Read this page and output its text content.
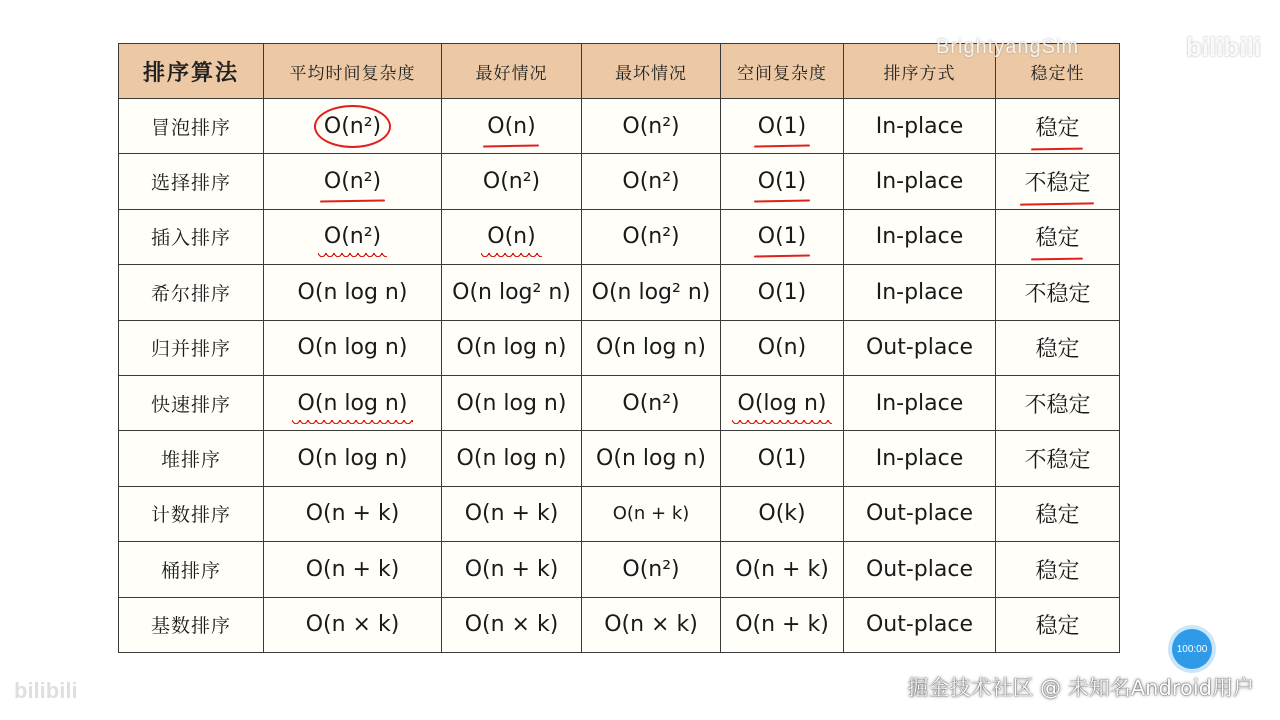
排序算法	平均时间复杂度	最好情况	最坏情况	空间复杂度	排序方式	稳定性
冒泡排序	O(n²)	O(n)	O(n²)	O(1)	In-place	稳定
选择排序	O(n²)	O(n²)	O(n²)	O(1)	In-place	不稳定
插入排序	O(n²)	O(n)	O(n²)	O(1)	In-place	稳定
希尔排序	O(n log n)	O(n log² n)	O(n log² n)	O(1)	In-place	不稳定
归并排序	O(n log n)	O(n log n)	O(n log n)	O(n)	Out-place	稳定
快速排序	O(n log n)	O(n log n)	O(n²)	O(log n)	In-place	不稳定
堆排序	O(n log n)	O(n log n)	O(n log n)	O(1)	In-place	不稳定
计数排序	O(n + k)	O(n + k)	O(n + k)	O(k)	Out-place	稳定
桶排序	O(n + k)	O(n + k)	O(n²)	O(n + k)	Out-place	稳定
基数排序	O(n × k)	O(n × k)	O(n × k)	O(n + k)	Out-place	稳定
BrightyangSim	bilibili
bilibili
100:00
掘金技术社区 @ 未知名Android用户
